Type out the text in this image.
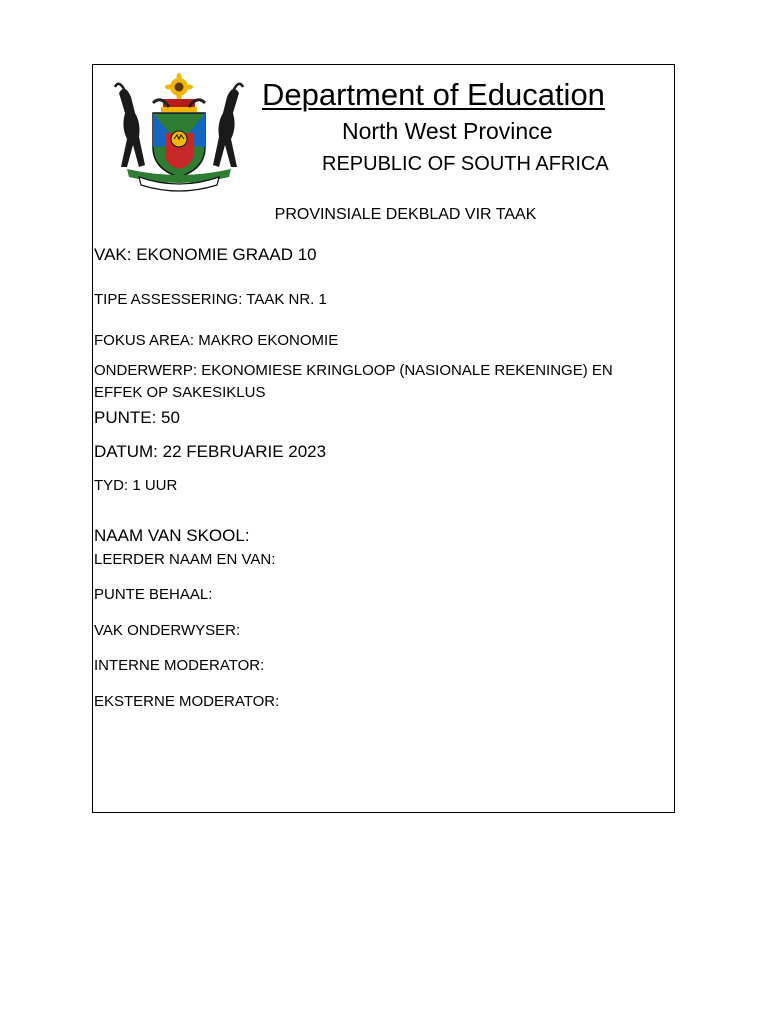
Department of Education
North West Province
REPUBLIC OF SOUTH AFRICA
PROVINSIALE DEKBLAD VIR TAAK
VAK: EKONOMIE GRAAD 10
TIPE ASSESSERING: TAAK NR. 1
FOKUS AREA: MAKRO EKONOMIE
ONDERWERP: EKONOMIESE KRINGLOOP (NASIONALE REKENINGE) EN EFFEK OP SAKESIKLUS
PUNTE: 50
DATUM: 22 FEBRUARIE 2023
TYD: 1 UUR
NAAM VAN SKOOL:
LEERDER NAAM EN VAN:
PUNTE BEHAAL:
VAK ONDERWYSER:
INTERNE MODERATOR:
EKSTERNE MODERATOR:
